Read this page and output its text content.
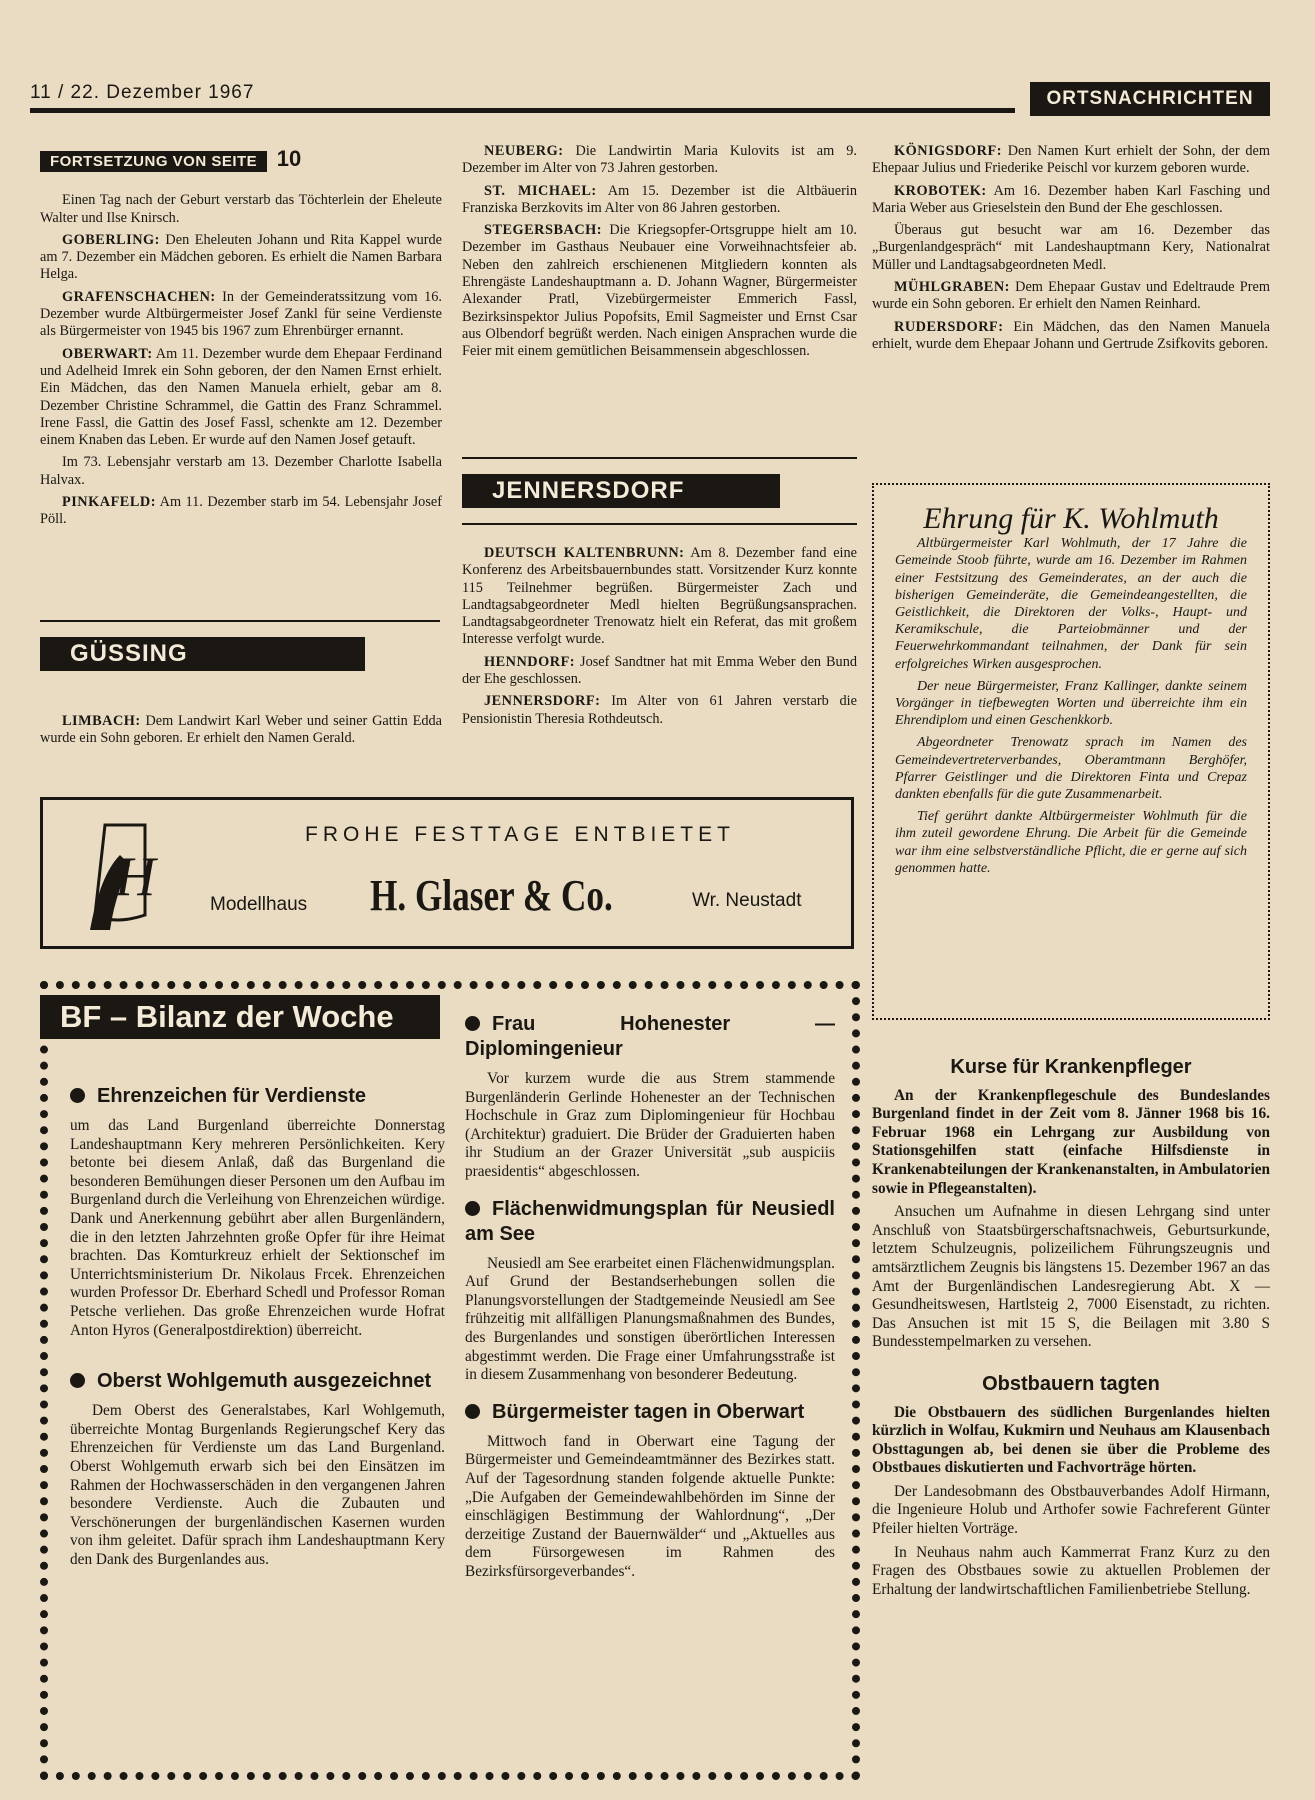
11 / 22. Dezember 1967	ORTSNACHRICHTEN
FORTSETZUNG VON SEITE 10

Einen Tag nach der Geburt verstarb das Töchterlein der Eheleute Walter und Ilse Knirsch.

GOBERLING: Den Eheleuten Johann und Rita Kappel wurde am 7. Dezember ein Mädchen geboren. Es erhielt die Namen Barbara Helga.

GRAFENSCHACHEN: In der Gemeinderatssitzung vom 16. Dezember wurde Altbürgermeister Josef Zankl für seine Verdienste als Bürgermeister von 1945 bis 1967 zum Ehrenbürger ernannt.

OBERWART: Am 11. Dezember wurde dem Ehepaar Ferdinand und Adelheid Imrek ein Sohn geboren, der den Namen Ernst erhielt. Ein Mädchen, das den Namen Manuela erhielt, gebar am 8. Dezember Christine Schrammel, die Gattin des Franz Schrammel. Irene Fassl, die Gattin des Josef Fassl, schenkte am 12. Dezember einem Knaben das Leben. Er wurde auf den Namen Josef getauft.

Im 73. Lebensjahr verstarb am 13. Dezember Charlotte Isabella Halvax.

PINKAFELD: Am 11. Dezember starb im 54. Lebensjahr Josef Pöll.

GÜSSING

LIMBACH: Dem Landwirt Karl Weber und seiner Gattin Edda wurde ein Sohn geboren. Er erhielt den Namen Gerald.

NEUBERG: Die Landwirtin Maria Kulovits ist am 9. Dezember im Alter von 73 Jahren gestorben.

ST. MICHAEL: Am 15. Dezember ist die Altbäuerin Franziska Berzkovits im Alter von 86 Jahren gestorben.

STEGERSBACH: Die Kriegsopfer-Ortsgruppe hielt am 10. Dezember im Gasthaus Neubauer eine Vorweihnachtsfeier ab. Neben den zahlreich erschienenen Mitgliedern konnten als Ehrengäste Landeshauptmann a. D. Johann Wagner, Bürgermeister Alexander Pratl, Vizebürgermeister Emmerich Fassl, Bezirksinspektor Julius Popofsits, Emil Sagmeister und Ernst Csar aus Olbendorf begrüßt werden. Nach einigen Ansprachen wurde die Feier mit einem gemütlichen Beisammensein abgeschlossen.

JENNERSDORF

DEUTSCH KALTENBRUNN: Am 8. Dezember fand eine Konferenz des Arbeitsbauernbundes statt. Vorsitzender Kurz konnte 115 Teilnehmer begrüßen. Bürgermeister Zach und Landtagsabgeordneter Medl hielten Begrüßungsansprachen. Landtagsabgeordneter Trenowatz hielt ein Referat, das mit großem Interesse verfolgt wurde.

HENNDORF: Josef Sandtner hat mit Emma Weber den Bund der Ehe geschlossen.

JENNERSDORF: Im Alter von 61 Jahren verstarb die Pensionistin Theresia Rothdeutsch.

KÖNIGSDORF: Den Namen Kurt erhielt der Sohn, der dem Ehepaar Julius und Friederike Peischl vor kurzem geboren wurde.

KROBOTEK: Am 16. Dezember haben Karl Fasching und Maria Weber aus Grieselstein den Bund der Ehe geschlossen.

Überaus gut besucht war am 16. Dezember das „Burgenlandgespräch“ mit Landeshauptmann Kery, Nationalrat Müller und Landtagsabgeordneten Medl.

MÜHLGRABEN: Dem Ehepaar Gustav und Edeltraude Prem wurde ein Sohn geboren. Er erhielt den Namen Reinhard.

RUDERSDORF: Ein Mädchen, das den Namen Manuela erhielt, wurde dem Ehepaar Johann und Gertrude Zsifkovits geboren.

Ehrung für K. Wohlmuth

Altbürgermeister Karl Wohlmuth, der 17 Jahre die Gemeinde Stoob führte, wurde am 16. Dezember im Rahmen einer Festsitzung des Gemeinderates, an der auch die bisherigen Gemeinderäte, die Gemeindeangestellten, die Geistlichkeit, die Direktoren der Volks-, Haupt- und Keramikschule, die Parteiobmänner und der Feuerwehrkommandant teilnahmen, der Dank für sein erfolgreiches Wirken ausgesprochen.

Der neue Bürgermeister, Franz Kallinger, dankte seinem Vorgänger in tiefbewegten Worten und überreichte ihm ein Ehrendiplom und einen Geschenkkorb.

Abgeordneter Trenowatz sprach im Namen des Gemeindevertreterverbandes, Oberamtmann Berghöfer, Pfarrer Geistlinger und die Direktoren Finta und Crepaz dankten ebenfalls für die gute Zusammenarbeit.

Tief gerührt dankte Altbürgermeister Wohlmuth für die ihm zuteil gewordene Ehrung. Die Arbeit für die Gemeinde war ihm eine selbstverständliche Pflicht, die er gerne auf sich genommen hatte.

H
FROHE FESTTAGE ENTBIETET
Modellhaus H. Glaser & Co.	Wr. Neustadt
BF – Bilanz der Woche
Ehrenzeichen für Verdienste

um das Land Burgenland überreichte Donnerstag Landeshauptmann Kery mehreren Persönlichkeiten. Kery betonte bei diesem Anlaß, daß das Burgenland die besonderen Bemühungen dieser Personen um den Aufbau im Burgenland durch die Verleihung von Ehrenzeichen würdige. Dank und Anerkennung gebührt aber allen Burgenländern, die in den letzten Jahrzehnten große Opfer für ihre Heimat brachten. Das Komturkreuz erhielt der Sektionschef im Unterrichtsministerium Dr. Nikolaus Frcek. Ehrenzeichen wurden Professor Dr. Eberhard Schedl und Professor Roman Petsche verliehen. Das große Ehrenzeichen wurde Hofrat Anton Hyros (Generalpostdirektion) überreicht.

Oberst Wohlgemuth ausgezeichnet

Dem Oberst des Generalstabes, Karl Wohlgemuth, überreichte Montag Burgenlands Regierungschef Kery das Ehrenzeichen für Verdienste um das Land Burgenland. Oberst Wohlgemuth erwarb sich bei den Einsätzen im Rahmen der Hochwasserschäden in den vergangenen Jahren besondere Verdienste. Auch die Zubauten und Verschönerungen der burgenländischen Kasernen wurden von ihm geleitet. Dafür sprach ihm Landeshauptmann Kery den Dank des Burgenlandes aus.

Frau Hohenester — Diplomingenieur

Vor kurzem wurde die aus Strem stammende Burgenländerin Gerlinde Hohenester an der Technischen Hochschule in Graz zum Diplomingenieur für Hochbau (Architektur) graduiert. Die Brüder der Graduierten haben ihr Studium an der Grazer Universität „sub auspiciis praesidentis“ abgeschlossen.

Flächenwidmungsplan für Neusiedl am See

Neusiedl am See erarbeitet einen Flächenwidmungsplan. Auf Grund der Bestandserhebungen sollen die Planungsvorstellungen der Stadtgemeinde Neusiedl am See frühzeitig mit allfälligen Planungsmaßnahmen des Bundes, des Burgenlandes und sonstigen überörtlichen Interessen abgestimmt werden. Die Frage einer Umfahrungsstraße ist in diesem Zusammenhang von besonderer Bedeutung.

Bürgermeister tagen in Oberwart

Mittwoch fand in Oberwart eine Tagung der Bürgermeister und Gemeindeamtmänner des Bezirkes statt. Auf der Tagesordnung standen folgende aktuelle Punkte: „Die Aufgaben der Gemeindewahlbehörden im Sinne der einschlägigen Bestimmung der Wahlordnung“, „Der derzeitige Zustand der Bauernwälder“ und „Aktuelles aus dem Fürsorgewesen im Rahmen des Bezirksfürsorgeverbandes“.

Kurse für Krankenpfleger

An der Krankenpflegeschule des Bundeslandes Burgenland findet in der Zeit vom 8. Jänner 1968 bis 16. Februar 1968 ein Lehrgang zur Ausbildung von Stationsgehilfen statt (einfache Hilfsdienste in Krankenabteilungen der Krankenanstalten, in Ambulatorien sowie in Pflegeanstalten).

Ansuchen um Aufnahme in diesen Lehrgang sind unter Anschluß von Staatsbürgerschaftsnachweis, Geburtsurkunde, letztem Schulzeugnis, polizeilichem Führungszeugnis und amtsärztlichem Zeugnis bis längstens 15. Dezember 1967 an das Amt der Burgenländischen Landesregierung Abt. X — Gesundheitswesen, Hartlsteig 2, 7000 Eisenstadt, zu richten. Das Ansuchen ist mit 15 S, die Beilagen mit 3.80 S Bundesstempelmarken zu versehen.

Obstbauern tagten

Die Obstbauern des südlichen Burgenlandes hielten kürzlich in Wolfau, Kukmirn und Neuhaus am Klausenbach Obsttagungen ab, bei denen sie über die Probleme des Obstbaues diskutierten und Fachvorträge hörten.

Der Landesobmann des Obstbauverbandes Adolf Hirmann, die Ingenieure Holub und Arthofer sowie Fachreferent Günter Pfeiler hielten Vorträge.

In Neuhaus nahm auch Kammerrat Franz Kurz zu den Fragen des Obstbaues sowie zu aktuellen Problemen der Erhaltung der landwirtschaftlichen Familienbetriebe Stellung.
